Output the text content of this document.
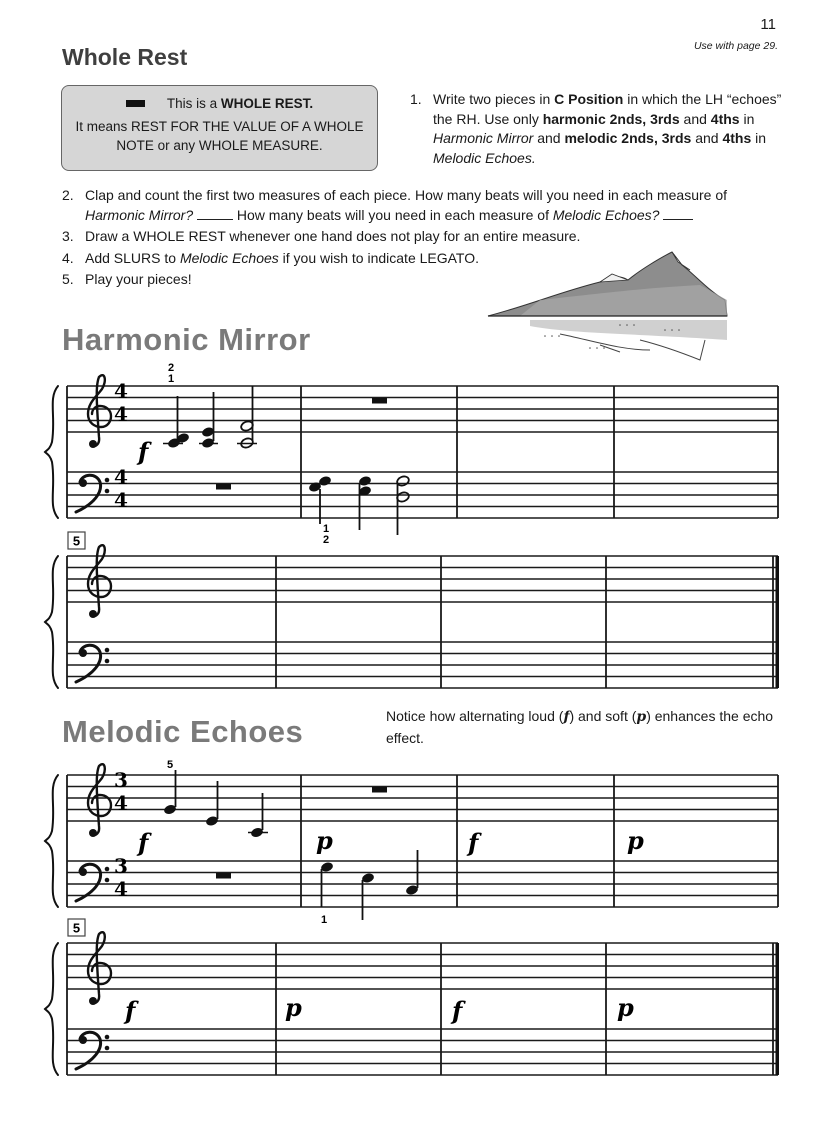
11
Use with page 29.
Whole Rest
This is a WHOLE REST.
It means REST FOR THE VALUE OF A WHOLE NOTE or any WHOLE MEASURE.
1. Write two pieces in C Position in which the LH “echoes” the RH. Use only harmonic 2nds, 3rds and 4ths in Harmonic Mirror and melodic 2nds, 3rds and 4ths in Melodic Echoes.
2. Clap and count the first two measures of each piece. How many beats will you need in each measure of Harmonic Mirror?	How many beats will you need in each measure of Melodic Echoes?
3. Draw a WHOLE REST whenever one hand does not play for an entire measure.
4. Add SLURS to Melodic Echoes if you wish to indicate LEGATO.
5. Play your pieces!
Harmonic Mirror
Melodic Echoes	Notice how alternating loud (f) and soft (p) enhances the echo effect.
4
4
4
4
f
2
1
1
2
5
3
4
3
4
5
1
f	p	f	p
5
f	p	f	p
